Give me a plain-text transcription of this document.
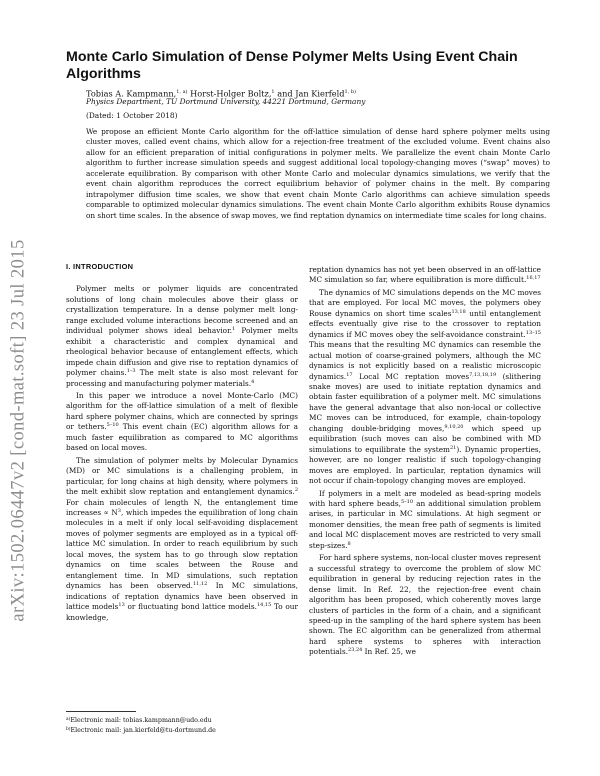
arXiv:1502.06447v2 [cond-mat.soft] 23 Jul 2015
Monte Carlo Simulation of Dense Polymer Melts Using Event Chain Algorithms
Tobias A. Kampmann,$^{1, a)}$ Horst-Holger Boltz,$^1$ and Jan Kierfeld$^{1, b)}$
Physics Department, TU Dortmund University, 44221 Dortmund, Germany
(Dated: 1 October 2018)

We propose an efficient Monte Carlo algorithm for the off-lattice simulation of dense hard sphere polymer melts using cluster moves, called event chains, which allow for a rejection-free treatment of the excluded volume. Event chains also allow for an efficient preparation of initial configurations in polymer melts. We parallelize the event chain Monte Carlo algorithm to further increase simulation speeds and suggest additional local topology-changing moves (“swap” moves) to accelerate equilibration. By comparison with other Monte Carlo and molecular dynamics simulations, we verify that the event chain algorithm reproduces the correct equilibrium behavior of polymer chains in the melt. By comparing intrapolymer diffusion time scales, we show that event chain Monte Carlo algorithms can achieve simulation speeds comparable to optimized molecular dynamics simulations. The event chain Monte Carlo algorithm exhibits Rouse dynamics on short time scales. In the absence of swap moves, we find reptation dynamics on intermediate time scales for long chains.

I. INTRODUCTION

Polymer melts or polymer liquids are concentrated solutions of long chain molecules above their glass or crystallization temperature. In a dense polymer melt long-range excluded volume interactions become screened and an individual polymer shows ideal behavior.$^1$ Polymer melts exhibit a characteristic and complex dynamical and rheological behavior because of entanglement effects, which impede chain diffusion and give rise to reptation dynamics of polymer chains.$^{1-3}$ The melt state is also most relevant for processing and manufacturing polymer materials.$^4$

In this paper we introduce a novel Monte-Carlo (MC) algorithm for the off-lattice simulation of a melt of flexible hard sphere polymer chains, which are connected by springs or tethers.$^{5-10}$ This event chain (EC) algorithm allows for a much faster equilibration as compared to MC algorithms based on local moves.

The simulation of polymer melts by Molecular Dynamics (MD) or MC simulations is a challenging problem, in particular, for long chains at high density, where polymers in the melt exhibit slow reptation and entanglement dynamics.$^2$ For chain molecules of length N, the entanglement time increases ∝ N$^3$, which impedes the equilibration of long chain molecules in a melt if only local self-avoiding displacement moves of polymer segments are employed as in a typical off-lattice MC simulation. In order to reach equilibrium by such local moves, the system has to go through slow reptation dynamics on time scales between the Rouse and entanglement time. In MD simulations, such reptation dynamics has been observed.$^{11,12}$ In MC simulations, indications of reptation dynamics have been observed in lattice models$^{13}$ or fluctuating bond lattice models.$^{14,15}$ To our knowledge,

reptation dynamics has not yet been observed in an off-lattice MC simulation so far, where equilibration is more difficult.$^{16,17}$

The dynamics of MC simulations depends on the MC moves that are employed. For local MC moves, the polymers obey Rouse dynamics on short time scales$^{13,18}$ until entanglement effects eventually give rise to the crossover to reptation dynamics if MC moves obey the self-avoidance constraint.$^{13-15}$ This means that the resulting MC dynamics can resemble the actual motion of coarse-grained polymers, although the MC dynamics is not explicitly based on a realistic microscopic dynamics.$^{17}$ Local MC reptation moves$^{7,13,18,19}$ (slithering snake moves) are used to initiate reptation dynamics and obtain faster equilibration of a polymer melt. MC simulations have the general advantage that also non-local or collective MC moves can be introduced, for example, chain-topology changing double-bridging moves,$^{9,10,20}$ which speed up equilibration (such moves can also be combined with MD simulations to equilibrate the system$^{21}$). Dynamic properties, however, are no longer realistic if such topology-changing moves are employed. In particular, reptation dynamics will not occur if chain-topology changing moves are employed.

If polymers in a melt are modeled as bead-spring models with hard sphere beads,$^{5-10}$ an additional simulation problem arises, in particular in MC simulations. At high segment or monomer densities, the mean free path of segments is limited and local MC displacement moves are restricted to very small step-sizes.$^8$

For hard sphere systems, non-local cluster moves represent a successful strategy to overcome the problem of slow MC equilibration in general by reducing rejection rates in the dense limit. In Ref. 22, the rejection-free event chain algorithm has been proposed, which coherently moves large clusters of particles in the form of a chain, and a significant speed-up in the sampling of the hard sphere system has been shown. The EC algorithm can be generalized from athermal hard sphere systems to spheres with interaction potentials.$^{23,24}$ In Ref. 25, we

$^{a)}$Electronic mail: tobias.kampmann@udo.edu
$^{b)}$Electronic mail: jan.kierfeld@tu-dortmund.de
